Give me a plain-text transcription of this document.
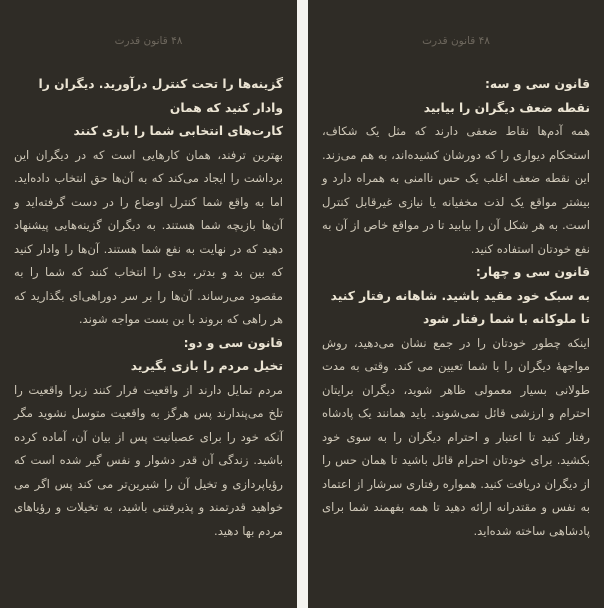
۴۸ قانون قدرت

گزینه‌ها را تحت کنترل درآورید. دیگران را وادار کنید که همان

کارت‌های انتخابی شما را بازی کنند

بهترین ترفند، همان کارهایی است که در دیگران این برداشت را ایجاد می‌کند که به آن‌ها حق انتخاب داده‌اید. اما به واقع شما کنترل اوضاع را در دست گرفته‌اید و آن‌ها بازیچه شما هستند. به دیگران گزینه‌هایی پیشنهاد دهید که در نهایت به نفع شما هستند. آن‌ها را وادار کنید که بین بد و بدتر، بدی را انتخاب کنند که شما را به مقصود می‌رساند. آن‌ها را بر سر دوراهی‌ای بگذارید که هر راهی که بروند با بن بست مواجه شوند.

قانون سی و دو:

تخیل مردم را بازی بگیرید

مردم تمایل دارند از واقعیت فرار کنند زیرا واقعیت را تلخ می‌پندارند پس هرگز به واقعیت متوسل نشوید مگر آنکه خود را برای عصبانیت پس از بیان آن، آماده کرده باشید. زندگی آن قدر دشوار و نفس گیر شده است که رؤیاپردازی و تخیل آن را شیرین‌تر می کند پس اگر می خواهید قدرتمند و پذیرفتنی باشید، به تخیلات و رؤیاهای مردم بها دهید.

۴۸ قانون قدرت

قانون سی و سه:

نقطه ضعف دیگران را بیابید

همه آدم‌ها نقاط ضعفی دارند که مثل یک شکاف، استحکام دیواری را که دورشان کشیده‌اند، به هم می‌زند. این نقطه ضعف اغلب یک حس ناامنی به همراه دارد و بیشتر مواقع یک لذت مخفیانه یا نیازی غیرقابل کنترل است. به هر شکل آن را بیابید تا در مواقع خاص از آن به نفع خودتان استفاده کنید.

قانون سی و چهار:

به سبک خود مقید باشید. شاهانه رفتار کنید تا ملوکانه با شما رفتار شود

اینکه چطور خودتان را در جمع نشان می‌دهید، روش مواجههٔ دیگران را با شما تعیین می کند. وقتی به مدت طولانی بسیار معمولی ظاهر شوید، دیگران برایتان احترام و ارزشی قائل نمی‌شوند. باید همانند یک پادشاه رفتار کنید تا اعتبار و احترام دیگران را به سوی خود بکشید. برای خودتان احترام قائل باشید تا همان حس را از دیگران دریافت کنید. همواره رفتاری سرشار از اعتماد به نفس و مقتدرانه ارائه دهید تا همه بفهمند شما برای پادشاهی ساخته شده‌اید.
